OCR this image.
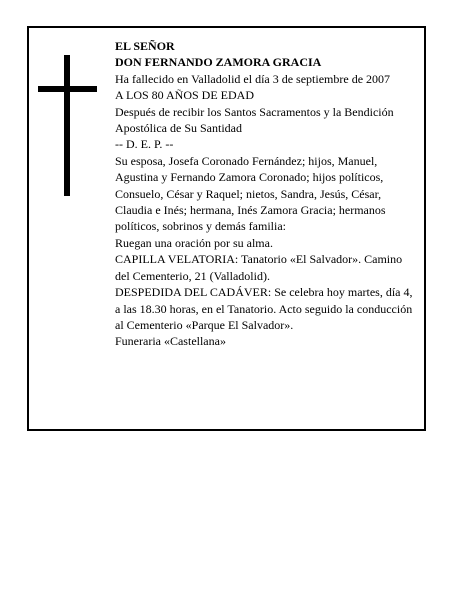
EL SEÑOR

DON FERNANDO ZAMORA GRACIA

Ha fallecido en Valladolid el día 3 de septiembre de 2007

A LOS 80 AÑOS DE EDAD

Después de recibir los Santos Sacramentos y la Bendición Apostólica de Su Santidad

-- D. E. P. --

Su esposa, Josefa Coronado Fernández; hijos, Manuel, Agustina y Fernando Zamora Coronado; hijos políticos, Consuelo, César y Raquel; nietos, Sandra, Jesús, César, Claudia e Inés; hermana, Inés Zamora Gracia; hermanos políticos, sobrinos y demás familia:

Ruegan una oración por su alma.

CAPILLA VELATORIA: Tanatorio «El Salvador». Camino del Cementerio, 21 (Valladolid).

DESPEDIDA DEL CADÁVER: Se celebra hoy martes, día 4, a las 18.30 horas, en el Tanatorio. Acto seguido la conducción al Cementerio «Parque El Salvador».

Funeraria «Castellana»
